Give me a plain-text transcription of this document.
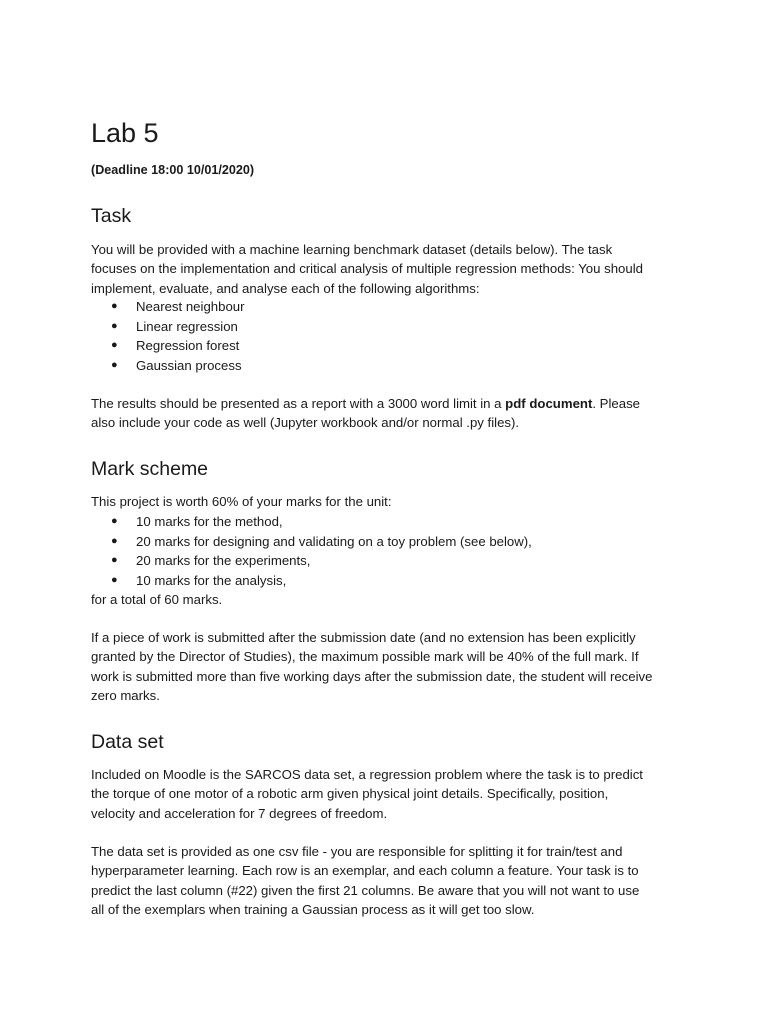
Lab 5

(Deadline 18:00 10/01/2020)

Task
You will be provided with a machine learning benchmark dataset (details below). The task
focuses on the implementation and critical analysis of multiple regression methods: You should
implement, evaluate, and analyse each of the following algorithms:
● Nearest neighbour
● Linear regression
● Regression forest
● Gaussian process
The results should be presented as a report with a 3000 word limit in a pdf document. Please
also include your code as well (Jupyter workbook and/or normal .py files).
Mark scheme
This project is worth 60% of your marks for the unit:
● 10 marks for the method,
● 20 marks for designing and validating on a toy problem (see below),
● 20 marks for the experiments,
● 10 marks for the analysis,
for a total of 60 marks.
If a piece of work is submitted after the submission date (and no extension has been explicitly
granted by the Director of Studies), the maximum possible mark will be 40% of the full mark. If
work is submitted more than five working days after the submission date, the student will receive
zero marks.
Data set
Included on Moodle is the SARCOS data set, a regression problem where the task is to predict
the torque of one motor of a robotic arm given physical joint details. Specifically, position,
velocity and acceleration for 7 degrees of freedom.
The data set is provided as one csv file - you are responsible for splitting it for train/test and
hyperparameter learning. Each row is an exemplar, and each column a feature. Your task is to
predict the last column (#22) given the first 21 columns. Be aware that you will not want to use
all of the exemplars when training a Gaussian process as it will get too slow.
